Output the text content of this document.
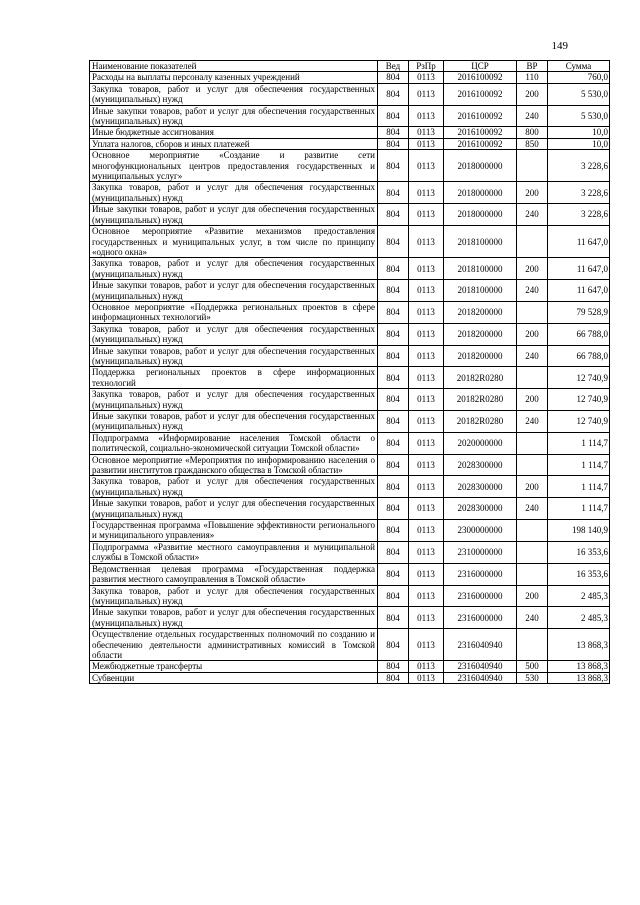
149
Наименование показателей	Вед	РзПр	ЦСР	ВР	Сумма
Расходы на выплаты персоналу казенных учреждений	804	0113	2016100092	110	760,0
Закупка товаров, работ и услуг для обеспечения государственных (муниципальных) нужд	804	0113	2016100092	200	5 530,0
Иные закупки товаров, работ и услуг для обеспечения государственных (муниципальных) нужд	804	0113	2016100092	240	5 530,0
Иные бюджетные ассигнования	804	0113	2016100092	800	10,0
Уплата налогов, сборов и иных платежей	804	0113	2016100092	850	10,0
Основное мероприятие «Создание и развитие сети многофункциональных центров предоставления государственных и муниципальных услуг»	804	0113	2018000000		3 228,6
Закупка товаров, работ и услуг для обеспечения государственных (муниципальных) нужд	804	0113	2018000000	200	3 228,6
Иные закупки товаров, работ и услуг для обеспечения государственных (муниципальных) нужд	804	0113	2018000000	240	3 228,6
Основное мероприятие «Развитие механизмов предоставления государственных и муниципальных услуг, в том числе по принципу «одного окна»	804	0113	2018100000		11 647,0
Закупка товаров, работ и услуг для обеспечения государственных (муниципальных) нужд	804	0113	2018100000	200	11 647,0
Иные закупки товаров, работ и услуг для обеспечения государственных (муниципальных) нужд	804	0113	2018100000	240	11 647,0
Основное мероприятие «Поддержка региональных проектов в сфере информационных технологий»	804	0113	2018200000		79 528,9
Закупка товаров, работ и услуг для обеспечения государственных (муниципальных) нужд	804	0113	2018200000	200	66 788,0
Иные закупки товаров, работ и услуг для обеспечения государственных (муниципальных) нужд	804	0113	2018200000	240	66 788,0
Поддержка региональных проектов в сфере информационных технологий	804	0113	20182R0280		12 740,9
Закупка товаров, работ и услуг для обеспечения государственных (муниципальных) нужд	804	0113	20182R0280	200	12 740,9
Иные закупки товаров, работ и услуг для обеспечения государственных (муниципальных) нужд	804	0113	20182R0280	240	12 740,9
Подпрограмма «Информирование населения Томской области о политической, социально-экономической ситуации Томской области»	804	0113	2020000000		1 114,7
Основное мероприятие «Мероприятия по информированию населения о развитии институтов гражданского общества в Томской области»	804	0113	2028300000		1 114,7
Закупка товаров, работ и услуг для обеспечения государственных (муниципальных) нужд	804	0113	2028300000	200	1 114,7
Иные закупки товаров, работ и услуг для обеспечения государственных (муниципальных) нужд	804	0113	2028300000	240	1 114,7
Государственная программа «Повышение эффективности регионального и муниципального управления»	804	0113	2300000000		198 140,9
Подпрограмма «Развитие местного самоуправления и муниципальной службы в Томской области»	804	0113	2310000000		16 353,6
Ведомственная целевая программа «Государственная поддержка развития местного самоуправления в Томской области»	804	0113	2316000000		16 353,6
Закупка товаров, работ и услуг для обеспечения государственных (муниципальных) нужд	804	0113	2316000000	200	2 485,3
Иные закупки товаров, работ и услуг для обеспечения государственных (муниципальных) нужд	804	0113	2316000000	240	2 485,3
Осуществление отдельных государственных полномочий по созданию и обеспечению деятельности административных комиссий в Томской области	804	0113	2316040940		13 868,3
Межбюджетные трансферты	804	0113	2316040940	500	13 868,3
Субвенции	804	0113	2316040940	530	13 868,3
